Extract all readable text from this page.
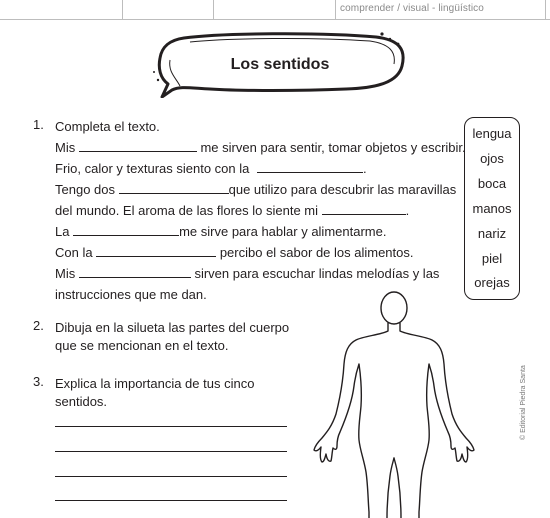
comprender / visual - lingüístico
Los sentidos
1. Completa el texto.
Mis	me sirven para sentir, tomar objetos y escribir.
Frio, calor y texturas siento con la	.
Tengo dos	que utilizo para descubrir las maravillas
del mundo. El aroma de las flores lo siente mi	.
La	me sirve para hablar y alimentarme.
Con la	percibo el sabor de los alimentos.
Mis	sirven para escuchar lindas melodías y las
instrucciones que me dan.
lengua
ojos
boca
manos
nariz
piel
orejas
2. Dibuja en la silueta las partes del cuerpo
que se mencionan en el texto.
3. Explica la importancia de tus cinco
sentidos.	© Editorial Piedra Santa
